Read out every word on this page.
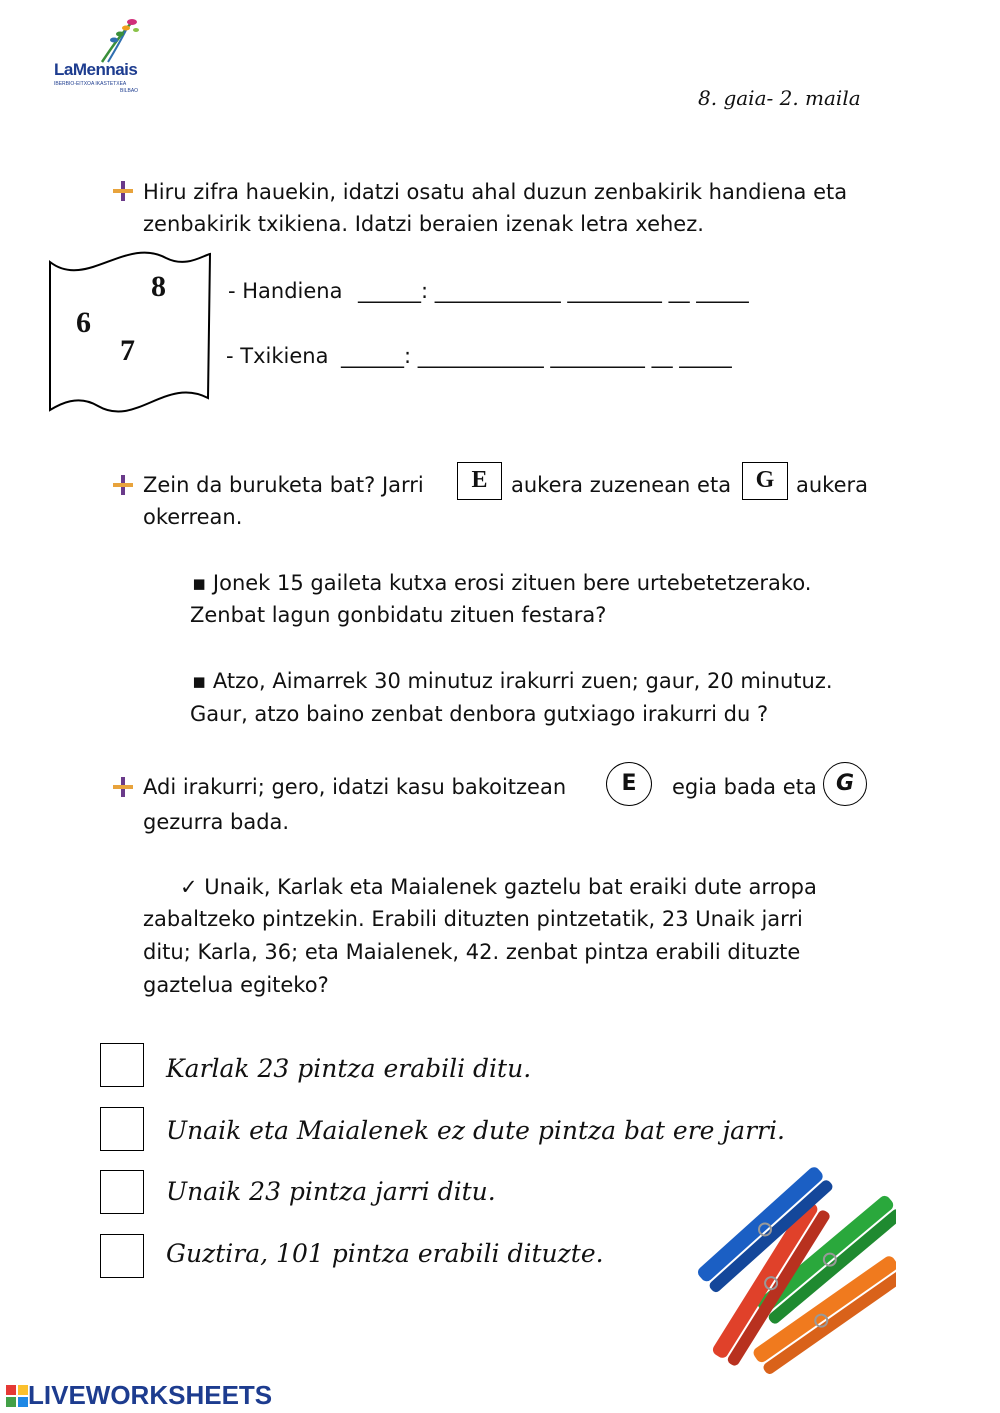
LaMennais
IBERBIO-EITXOA IKASTETXEA
BILBAO	8. gaia- 2. maila
Hiru zifra hauekin, idatzi osatu ahal duzun zenbakirik handiena eta
zenbakirik txikiena. Idatzi beraien izenak letra xehez.
8
6
7
- Handiena ______: ____________ _________ __ _____
- Txikiena ______: ____________ _________ __ _____
Zein da buruketa bat? Jarri	E	aukera zuzenean eta	G	aukera
okerrean.
▪ Jonek 15 gaileta kutxa erosi zituen bere urtebetetzerako.
Zenbat lagun gonbidatu zituen festara?
▪ Atzo, Aimarrek 30 minutuz irakurri zuen; gaur, 20 minutuz.
Gaur, atzo baino zenbat denbora gutxiago irakurri du ?
Adi irakurri; gero, idatzi kasu bakoitzean	E	egia bada eta G
gezurra bada.
✓ Unaik, Karlak eta Maialenek gaztelu bat eraiki dute arropa
zabaltzeko pintzekin. Erabili dituzten pintzetatik, 23 Unaik jarri
ditu; Karla, 36; eta Maialenek, 42. zenbat pintza erabili dituzte
gaztelua egiteko?
Karlak 23 pintza erabili ditu.
Unaik eta Maialenek ez dute pintza bat ere jarri.
Unaik 23 pintza jarri ditu.
Guztira, 101 pintza erabili dituzte.
LIVEWORKSHEETS
